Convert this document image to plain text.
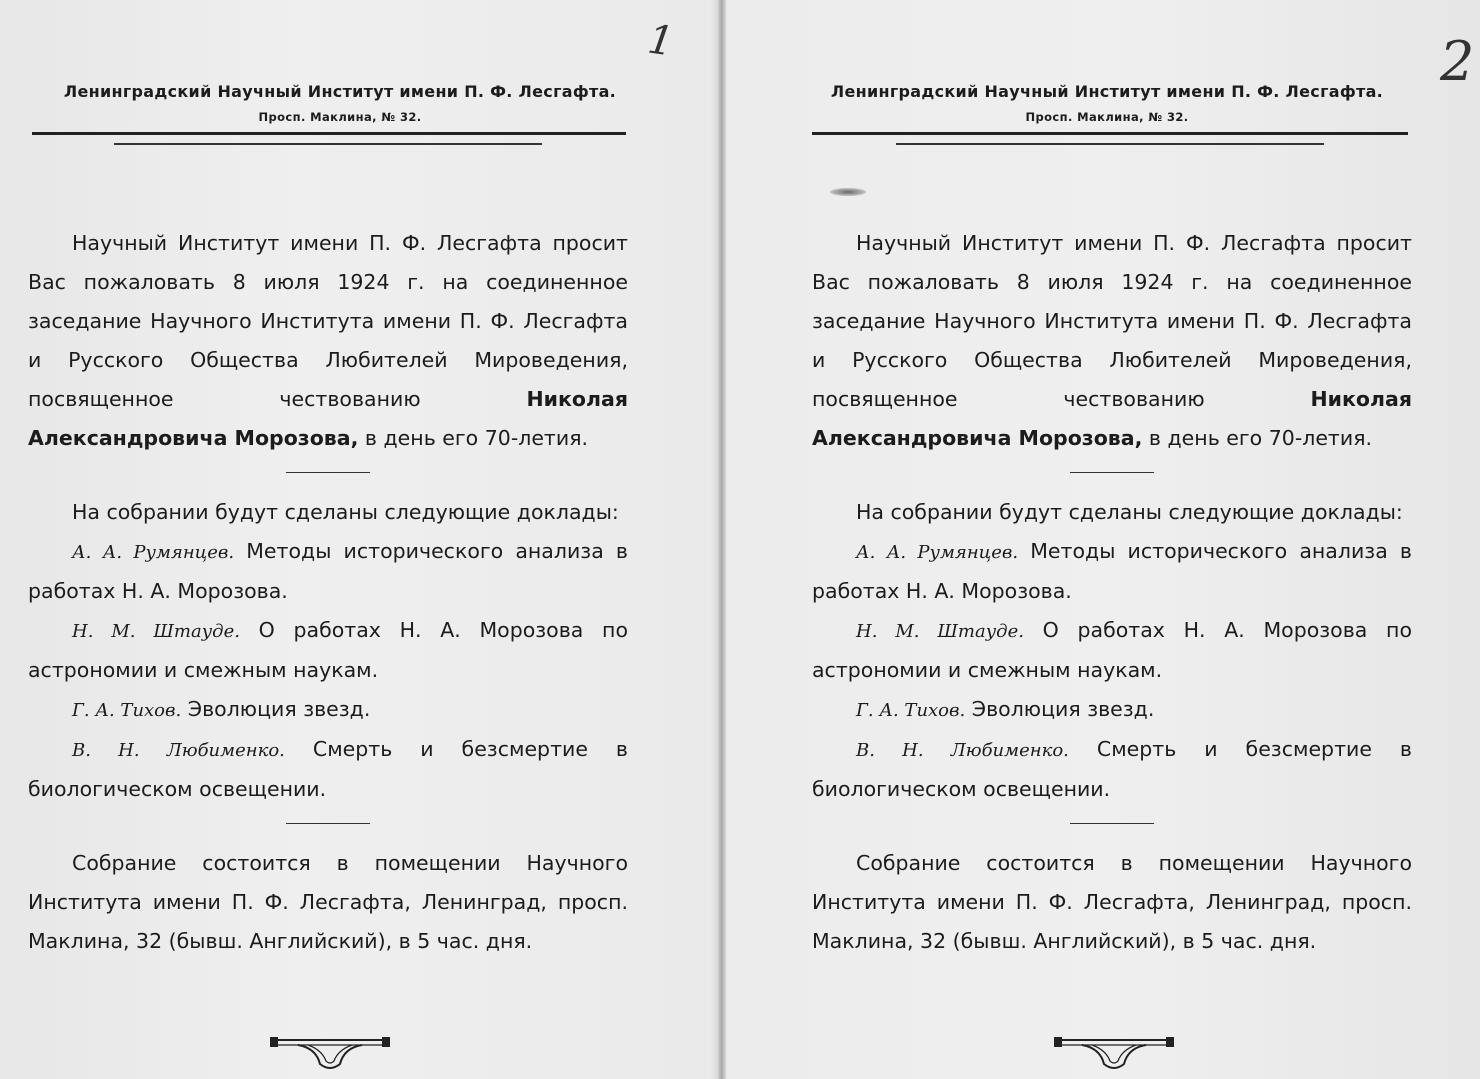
1
Ленинградский Научный Институт имени П. Ф. Лесгафта.
Просп. Маклина, № 32.

Научный Институт имени П. Ф. Лесгафта просит Вас пожаловать 8 июля 1924 г. на соединенное заседание Научного Института имени П. Ф. Лесгафта и Русского Общества Любителей Мироведения, посвященное чествованию	Николая Александровича Морозова, в день его 70-летия.

На собрании будут сделаны следующие доклады:

А. А. Румянцев. Методы исторического анализа в работах Н. А. Морозова.

Н. М. Штауде. О работах Н. А. Морозова по астрономии и смежным наукам.

Г. А. Тихов. Эволюция звезд.

В. Н. Любименко. Смерть и безсмертие в биологическом освещении.

Собрание состоится в помещении Научного Института имени П. Ф. Лесгафта, Ленинград, просп. Маклина, 32 (бывш. Английский), в 5 час. дня.

2
Ленинградский Научный Институт имени П. Ф. Лесгафта.
Просп. Маклина, № 32.

Научный Институт имени П. Ф. Лесгафта просит Вас пожаловать 8 июля 1924 г. на соединенное заседание Научного Института имени П. Ф. Лесгафта и Русского Общества Любителей Мироведения, посвященное чествованию	Николая Александровича Морозова, в день его 70-летия.

На собрании будут сделаны следующие доклады:

А. А. Румянцев. Методы исторического анализа в работах Н. А. Морозова.

Н. М. Штауде. О работах Н. А. Морозова по астрономии и смежным наукам.

Г. А. Тихов. Эволюция звезд.

В. Н. Любименко. Смерть и безсмертие в биологическом освещении.

Собрание состоится в помещении Научного Института имени П. Ф. Лесгафта, Ленинград, просп. Маклина, 32 (бывш. Английский), в 5 час. дня.
